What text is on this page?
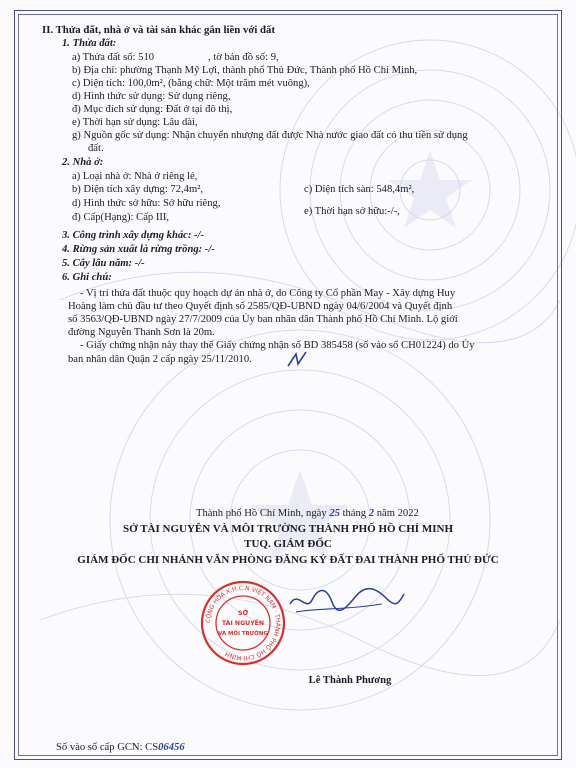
II. Thửa đất, nhà ở và tài sản khác gắn liền với đất
1. Thửa đất:
a) Thửa đất số: 510	, tờ bản đồ số: 9,
b) Địa chỉ: phường Thạnh Mỹ Lợi, thành phố Thủ Đức, Thành phố Hồ Chí Minh,
c) Diện tích: 100,0m², (bằng chữ: Một trăm mét vuông),
d) Hình thức sử dụng: Sử dụng riêng,
đ) Mục đích sử dụng: Đất ở tại đô thị,
e) Thời hạn sử dụng: Lâu dài,
g) Nguồn gốc sử dụng: Nhận chuyển nhượng đất được Nhà nước giao đất có thu tiền sử dụng
đất.
2. Nhà ở:
a) Loại nhà ở: Nhà ở riêng lẻ,
b) Diện tích xây dựng: 72,4m²,	c) Diện tích sàn: 548,4m²,
d) Hình thức sở hữu: Sở hữu riêng,
e) Thời hạn sở hữu:-/-,
đ) Cấp(Hạng): Cấp III,
3. Công trình xây dựng khác: -/-
4. Rừng sản xuất là rừng trồng: -/-
5. Cây lâu năm: -/-
6. Ghi chú:
- Vị trí thửa đất thuộc quy hoạch dự án nhà ở, do Công ty Cổ phần May - Xây dựng Huy
Hoàng làm chủ đầu tư theo Quyết định số 2585/QĐ-UBND ngày 04/6/2004 và Quyết định
số 3563/QĐ-UBND ngày 27/7/2009 của Ủy ban nhân dân Thành phố Hồ Chí Minh. Lộ giới
đường Nguyễn Thanh Sơn là 20m.
- Giấy chứng nhận này thay thế Giấy chứng nhận số BD 385458 (số vào sổ CH01224) do Ủy
ban nhân dân Quận 2 cấp ngày 25/11/2010.
Thành phố Hồ Chí Minh, ngày 25 tháng 2 năm 2022
SỞ TÀI NGUYÊN VÀ MÔI TRƯỜNG THÀNH PHỐ HỒ CHÍ MINH
TUQ. GIÁM ĐỐC
GIÁM ĐỐC CHI NHÁNH VĂN PHÒNG ĐĂNG KÝ ĐẤT ĐAI THÀNH PHỐ THỦ ĐỨC
CỘNG HÒA X.H.C.N VIỆT NAM · THÀNH PHỐ HỒ CHÍ MINH
SỞ
TÀI NGUYÊN
VÀ MÔI TRƯỜNG
Lê Thành Phương
Số vào sổ cấp GCN: CS06456
